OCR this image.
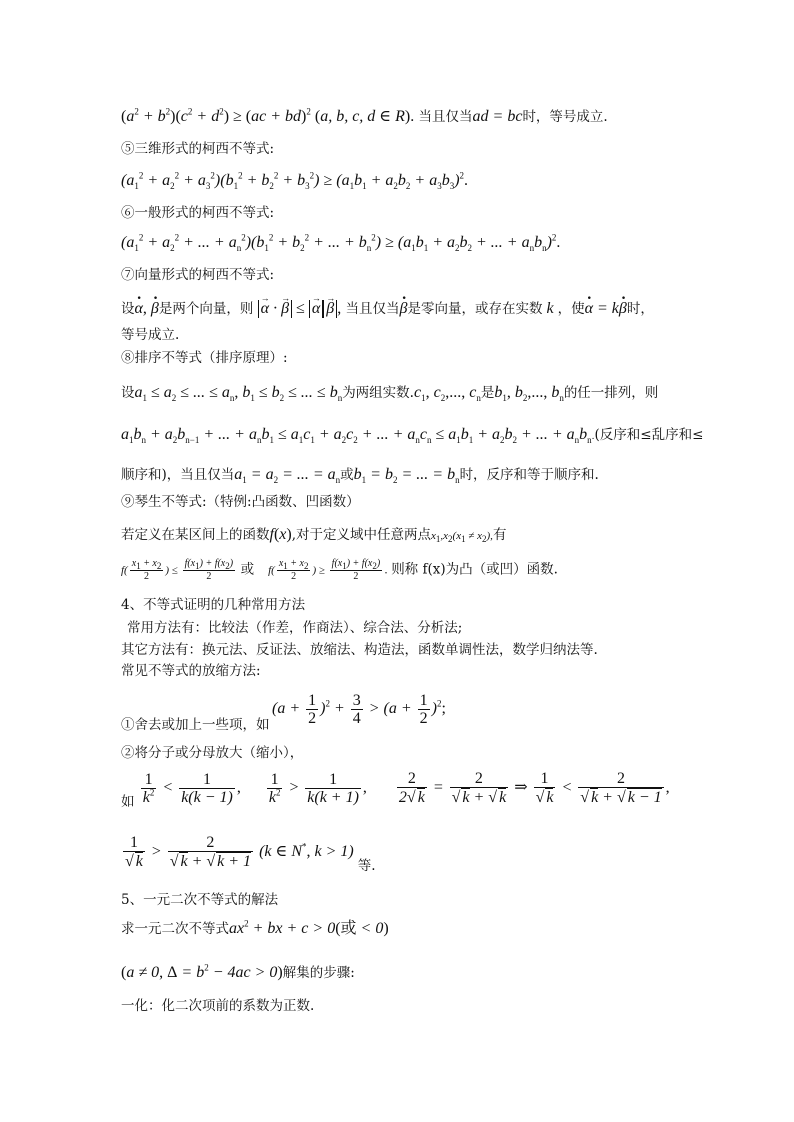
$(a^2 + b^2)(c^2 + d^2) \ge (ac + bd)^2$ (a, b, c, d ∈ R). 当且仅当ad = bc时，等号成立.
⑤三维形式的柯西不等式:
$(a_1^2 + a_2^2 + a_3^2)(b_1^2 + b_2^2 + b_3^2) \ge (a_1b_1 + a_2b_2 + a_3b_3)^2$.
⑥一般形式的柯西不等式:
($a_1^2 + a_2^2$ + ... + $a_n^2)(b_1^2 + b_2^2$ + ... + $b_n^2) \ge (a_1b_1 + a_2b_2$ + ... + $a_nb_n)^2$.
⑦向量形式的柯西不等式:
设· α, · β是两个向量，则 → α · → β ≤ → α → β , 当且仅当· β是零向量，或存在实数 k ，使· α = k· β时，
等号成立.
⑧排序不等式（排序原理）:
设$a_1 \le a_2$ ≤ ... ≤ $a_n$, $b_1 \le b_2$ ≤ ... ≤ $b_n$为两组实数$.c_1$, $c_2$,..., $c_n$是$b_1$, $b_2$,..., $b_n$的任一排列，则
$a_1b_n + a_2b_{n-1}$ + ... + $a_nb_1 \le a_1c_1 + a_2c_2$ + ... + $a_nc_n \le a_1b_1 + a_2b_2$ + ... + $a_nb_n$.(反序和≤乱序和≤
顺序和)，当且仅当$a_1 = a_2$ = ... = $a_n$或$b_1 = b_2$ = ... = $b_n$时，反序和等于顺序和.
⑨琴生不等式:（特例:凸函数、凹函数）
若定义在某区间上的函数f(x),对于定义域中任意两点$x_1,x_2(x_1 \ne x_2)$,有
$f( \frac{x_1 + x_2}{2}$ ) ≤ $\frac{f(x_1) + f(x_2)}{2}$ 或 $f( \frac{x_1 + x_2}{2}$ ) ≥ $\frac{f(x_1) + f(x_2)}{2}$ . 则称 f(x)为凸（或凹）函数.
4、不等式证明的几种常用方法
常用方法有：比较法（作差，作商法）、综合法、分析法;
其它方法有：换元法、反证法、放缩法、构造法，函数单调性法，数学归纳法等.
常见不等式的放缩方法:
$(a + \frac{1}{2} )^2 + \frac{3}{4} > (a + \frac{1}{2} )^2$;
①舍去或加上一些项，如
②将分子或分母放大（缩小），
如 $\frac{1}{k^2} < \frac{1}{k(k - 1)}$ , $\frac{1}{k^2} > \frac{1}{k(k + 1)}$ , $\frac{2}{2√ k} = \frac{2}{√ k + √ k}$ ⇒ $\frac{1}{√ k} < \frac{2}{√ k + √ k - 1}$ ,
$\frac{1}{√ k} > \frac{2}{√ k + √ k + 1} (k$ ∈ N*, k > 1) 等.
5、一元二次不等式的解法
求一元二次不等式$ax^2$ + bx + c > 0(或 < 0)
(a ≠ 0, $\Delta = b^2 - 4ac > 0$)解集的步骤:
一化：化二次项前的系数为正数.
